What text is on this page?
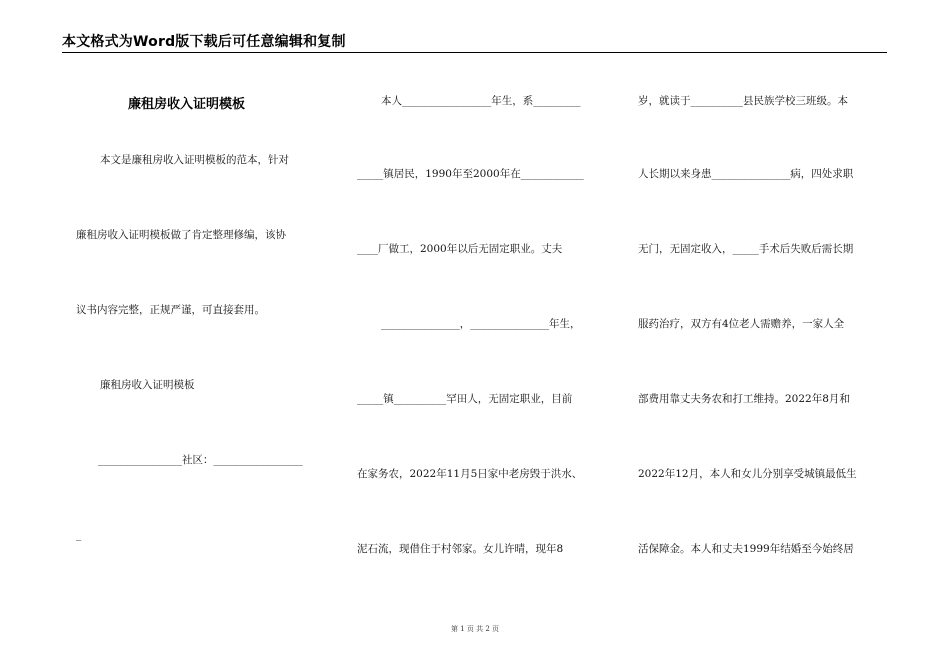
本文格式为Word版下载后可任意编辑和复制
廉租房收入证明模板
本文是廉租房收入证明模板的范本，针对
廉租房收入证明模板做了肯定整理修编，该协
议书内容完整，正规严谨，可直接套用。
廉租房收入证明模板
________________社区：_________________
_
本人_________________年生，系_________
_____镇居民，1990年至2000年在____________
____厂做工，2000年以后无固定职业。丈夫
_______________，_______________年生，
_____镇__________罕田人，无固定职业，目前
在家务农，2022年11月5日家中老房毁于洪水、
泥石流，现借住于村邻家。女儿许晴，现年8
岁，就读于__________县民族学校三班级。本
人长期以来身患_______________病，四处求职
无门，无固定收入，_____手术后失败后需长期
服药治疗，双方有4位老人需赡养，一家人全
部费用靠丈夫务农和打工维持。2022年8月和
2022年12月，本人和女儿分别享受城镇最低生
活保障金。本人和丈夫1999年结婚至今始终居
第 1 页 共 2 页
